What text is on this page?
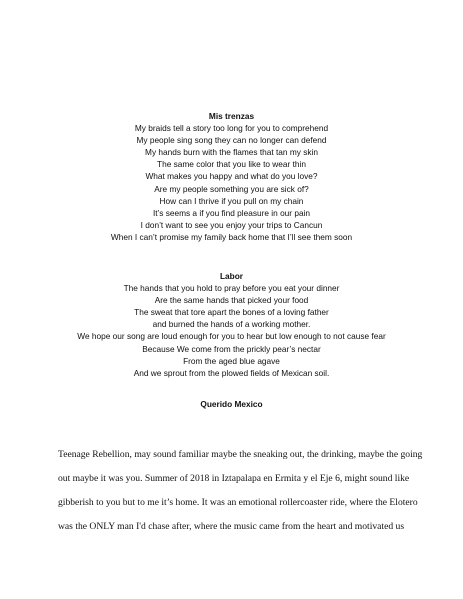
Mis trenzas
My braids tell a story too long for you to comprehend
My people sing song they can no longer can defend
My hands burn with the flames that tan my skin
The same color that you like to wear thin
What makes you happy and what do you love?
Are my people something you are sick of?
How can I thrive if you pull on my chain
It’s seems a if you find pleasure in our pain
I don’t want to see you enjoy your trips to Cancun
When I can’t promise my family back home that I’ll see them soon
Labor
The hands that you hold to pray before you eat your dinner
Are the same hands that picked your food
The sweat that tore apart the bones of a loving father
and burned the hands of a working mother.
We hope our song are loud enough for you to hear but low enough to not cause fear
Because We come from the prickly pear’s nectar
From the aged blue agave
And we sprout from the plowed fields of Mexican soil.
Querido Mexico
Teenage Rebellion, may sound familiar maybe the sneaking out, the drinking, maybe the going
out maybe it was you. Summer of 2018 in Iztapalapa en Ermita y el Eje 6, might sound like
gibberish to you but to me it’s home. It was an emotional rollercoaster ride, where the Elotero
was the ONLY man I'd chase after, where the music came from the heart and motivated us
